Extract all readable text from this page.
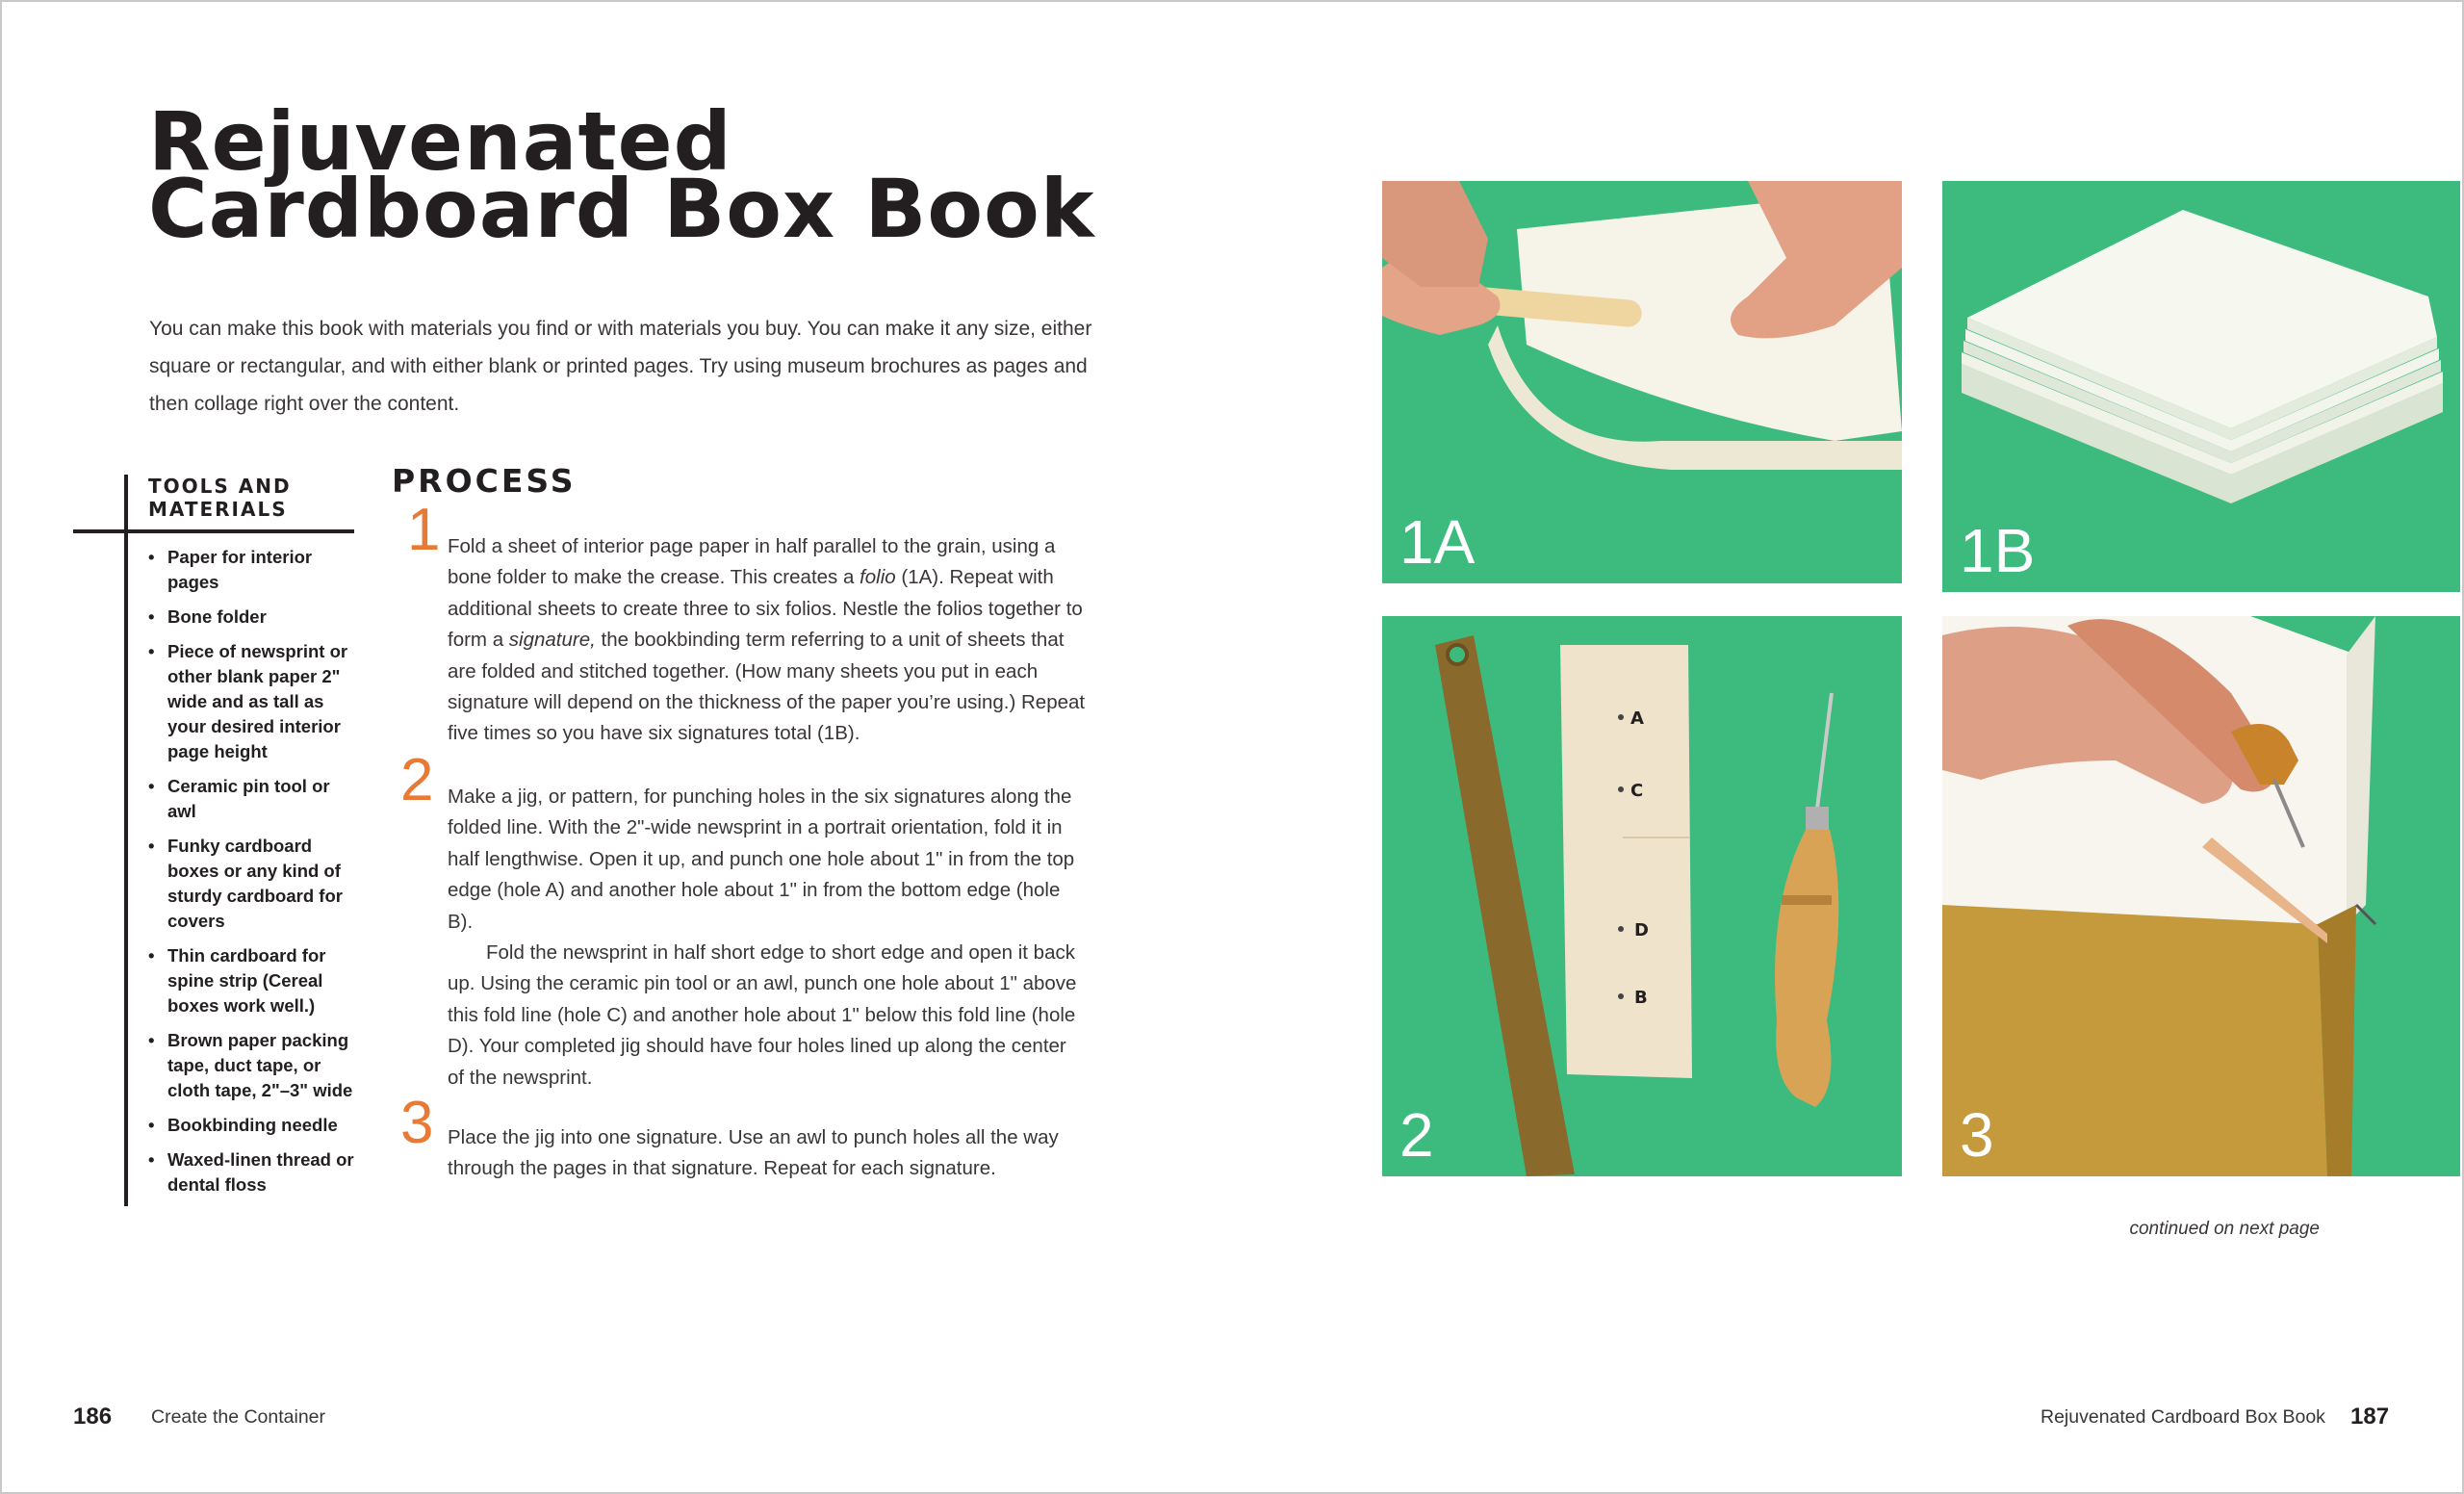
Rejuvenated
Cardboard Box Book

You can make this book with materials you find or with materials you buy. You can make it any size, either square or rectangular, and with either blank or printed pages. Try using museum brochures as pages and then collage right over the content.

TOOLS AND MATERIALS
• Paper for interior pages
• Bone folder
• Piece of newsprint or other blank paper 2" wide and as tall as your desired interior page height
• Ceramic pin tool or awl
• Funky cardboard boxes or any kind of sturdy cardboard for covers
• Thin cardboard for spine strip (Cereal boxes work well.)
• Brown paper packing tape, duct tape, or cloth tape, 2"–3" wide
• Bookbinding needle
• Waxed-linen thread or dental floss
PROCESS
1 Fold a sheet of interior page paper in half parallel to the grain, using a bone folder to make the crease. This creates a folio (1A). Repeat with additional sheets to create three to six folios. Nestle the folios together to form a signature, the bookbinding term referring to a unit of sheets that are folded and stitched together. (How many sheets you put in each signature will depend on the thickness of the paper you’re using.) Repeat five times so you have six signatures total (1B).

2 Make a jig, or pattern, for punching holes in the six signatures along the folded line. With the 2"-wide newsprint in a portrait orientation, fold it in half lengthwise. Open it up, and punch one hole about 1" in from the top edge (hole A) and another hole about 1" in from the bottom edge (hole B).

Fold the newsprint in half short edge to short edge and open it back up. Using the ceramic pin tool or an awl, punch one hole about 1" above this fold line (hole C) and another hole about 1" below this fold line (hole D). Your completed jig should have four holes lined up along the center of the newsprint.

3 Place the jig into one signature. Use an awl to punch holes all the way through the pages in that signature. Repeat for each signature.

1A	1B
A
C
D
B
2	3
continued on next page
186 Create the Container	Rejuvenated Cardboard Box Book 187
